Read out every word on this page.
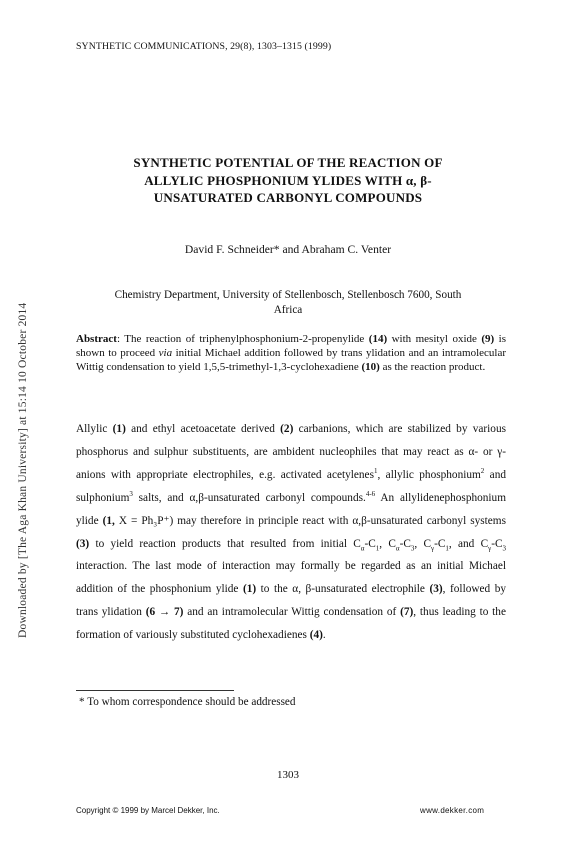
SYNTHETIC COMMUNICATIONS, 29(8), 1303–1315 (1999)
SYNTHETIC POTENTIAL OF THE REACTION OF
ALLYLIC PHOSPHONIUM YLIDES WITH α, β-
UNSATURATED CARBONYL COMPOUNDS
David F. Schneider* and Abraham C. Venter
Chemistry Department, University of Stellenbosch, Stellenbosch 7600, South
Africa
Abstract: The reaction of triphenylphosphonium-2-propenylide (14) with mesityl oxide (9) is shown to proceed via initial Michael addition followed by trans ylidation and an intramolecular Wittig condensation to yield 1,5,5-trimethyl-1,3-cyclohexadiene (10) as the reaction product.

Allylic (1) and ethyl acetoacetate derived (2) carbanions, which are stabilized by various phosphorus and sulphur substituents, are ambident nucleophiles that may react as α- or γ-anions with appropriate electrophiles, e.g. activated acetylenes$^1$, allylic phosphonium$^2$ and sulphonium$^3$ salts, and α,β-unsaturated carbonyl compounds.$^{4-6}$ An allylidenephosphonium ylide (1, X = Ph₃P⁺) may therefore in principle react with α,β-unsaturated carbonyl systems (3) to yield reaction products that resulted from initial $C_\alpha-C_1$, $C_\alpha-C_3$, $C_\gamma-C_1$, and $C_\gamma-C_3$ interaction. The last mode of interaction may formally be regarded as an initial Michael addition of the phosphonium ylide (1) to the α, β-unsaturated electrophile (3), followed by trans ylidation (6 → 7) and an intramolecular Wittig condensation of (7), thus leading to the formation of variously substituted cyclohexadienes (4).

* To whom correspondence should be addressed
1303
Copyright © 1999 by Marcel Dekker, Inc.	www.dekker.com
Downloaded by [The Aga Khan University] at 15:14 10 October 2014
